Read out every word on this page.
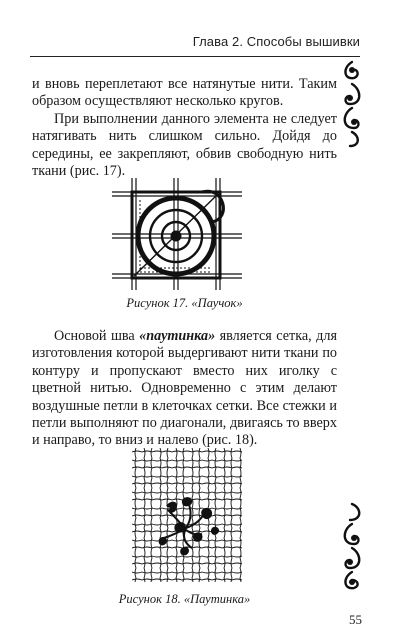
Глава 2. Способы вышивки

и вновь переплетают все натянутые нити. Таким образом осуществляют несколько кругов.

При выполнении данного элемента не следует натягивать нить слишком сильно. Дойдя до середины, ее закрепляют, обвив свободную нить ткани (рис. 17).

Рисунок 17. «Паучок»

Основой шва «паутинка» является сетка, для изготовления которой выдергивают нити ткани по контуру и пропускают вместо них иголку с цветной нитью. Одновременно с этим делают воздушные петли в клеточках сетки. Все стежки и петли выполняют по диагонали, двигаясь то вверх и направо, то вниз и налево (рис. 18).

Рисунок 18. «Паутинка»
55
